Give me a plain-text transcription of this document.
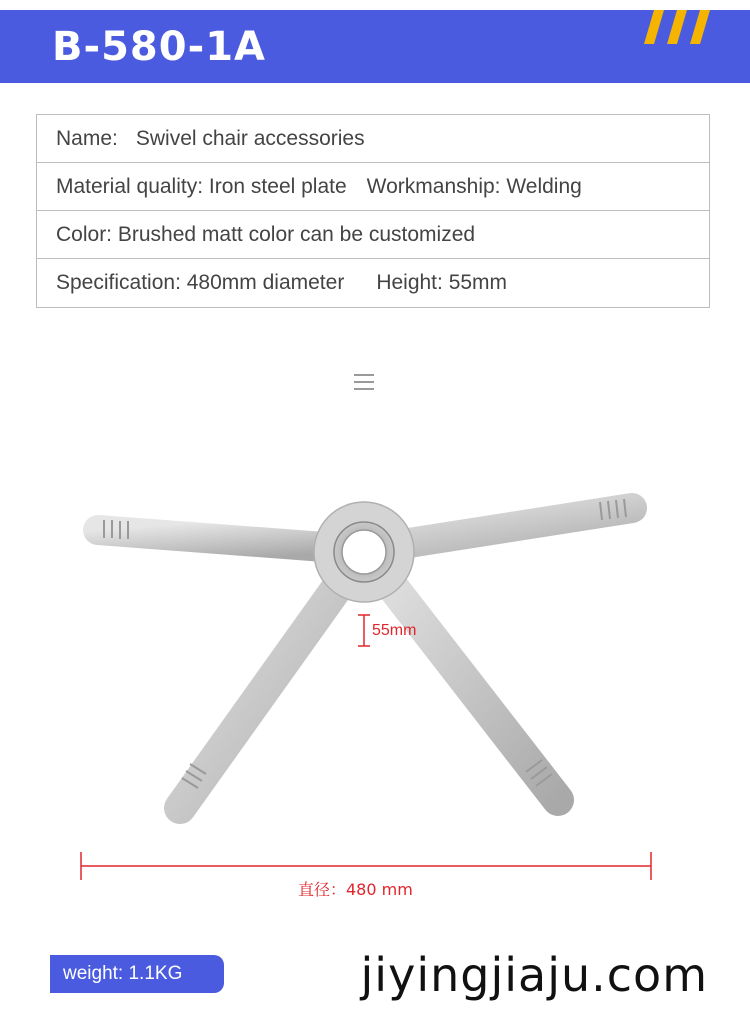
B-580-1A
Name: Swivel chair accessories
Material quality:
Iron steel plate Workmanship:
Welding
Color:
Brushed matt color can be customized
Specification:
480mm diameter Height:
55mm
55mm
直径：480 mm
weight: 1.1KG	jiyingjiaju.com
